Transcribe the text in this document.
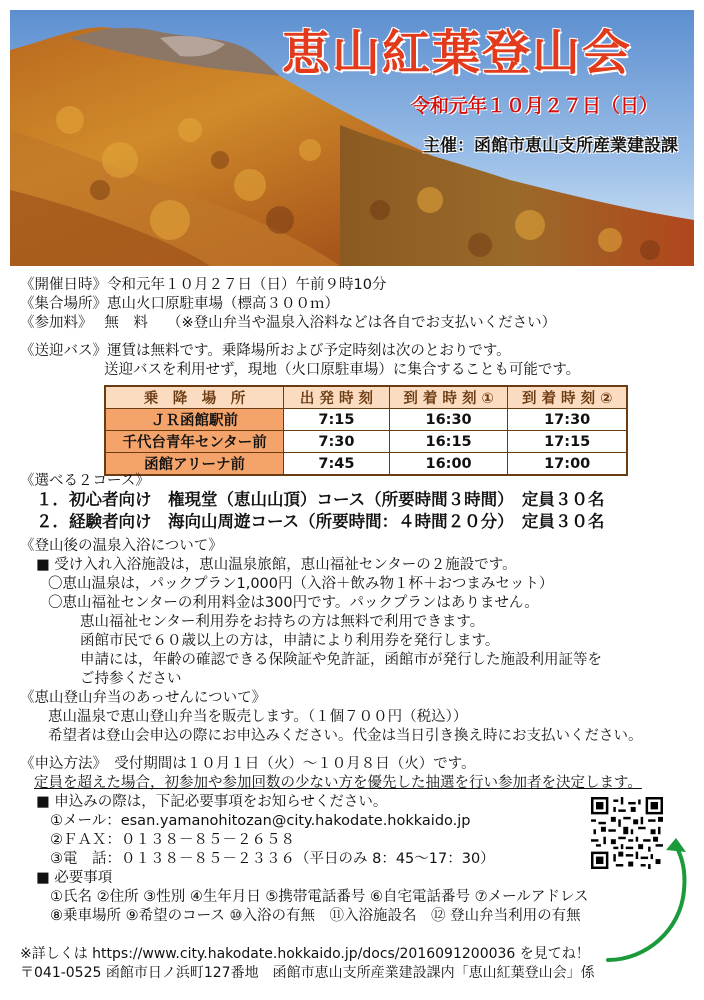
恵山紅葉登山会
令和元年１０月２７日（日）
主催：函館市恵山支所産業建設課
《開催日時》令和元年１０月２７日（日）午前９時10分
《集合場所》恵山火口原駐車場（標高３００ｍ）
《参加料》　 無　料　 （※登山弁当や温泉入浴料などは各自でお支払いください）
《送迎バス》運賃は無料です。乗降場所および予定時刻は次のとおりです。
送迎バスを利用せず，現地（火口原駐車場）に集合することも可能です。
乗　降　場　所	出 発 時 刻	到 着 時 刻 ①	到 着 時 刻 ②
ＪＲ函館駅前	7:15	16:30	17:30
千代台青年センター前	7:30	16:15	17:15
函館アリーナ前	7:45	16:00	17:00
《選べる２コース》
１．初心者向け　権現堂（恵山山頂）コース（所要時間３時間）　定員３０名
２．経験者向け　海向山周遊コース（所要時間：４時間２０分）　定員３０名
《登山後の温泉入浴について》
■ 受け入れ入浴施設は，恵山温泉旅館，恵山福祉センターの２施設です。
〇恵山温泉は，パックプラン1,000円（入浴＋飲み物１杯＋おつまみセット）
〇恵山福祉センターの利用料金は300円です。パックプランはありません。
恵山福祉センター利用券をお持ちの方は無料で利用できます。
函館市民で６０歳以上の方は，申請により利用券を発行します。
申請には，年齢の確認できる保険証や免許証，函館市が発行した施設利用証等を
ご持参ください
《恵山登山弁当のあっせんについて》
恵山温泉で恵山登山弁当を販売します。（１個７００円（税込））
希望者は登山会申込の際にお申込みください。代金は当日引き換え時にお支払いください。
《申込方法》　受付期間は１０月１日（火）～１０月８日（火）です。
定員を超えた場合，初参加や参加回数の少ない方を優先した抽選を行い参加者を決定します。
■ 申込みの際は，下記必要事項をお知らせください。
①メール：esan.yamanohitozan@city.hakodate.hokkaido.jp
②ＦＡＸ：０１３８－８５－２６５８
③電　話：０１３８－８５－２３３６（平日のみ 8：45～17：30）
■ 必要事項
①氏名 ②住所 ③性別 ④生年月日 ⑤携帯電話番号 ⑥自宅電話番号 ⑦メールアドレス
⑧乗車場所 ⑨希望のコース ⑩入浴の有無　⑪入浴施設名　⑫ 登山弁当利用の有無
※詳しくは https://www.city.hakodate.hokkaido.jp/docs/2016091200036 を見てね！
〒041-0525 函館市日ノ浜町127番地　函館市恵山支所産業建設課内「恵山紅葉登山会」係
